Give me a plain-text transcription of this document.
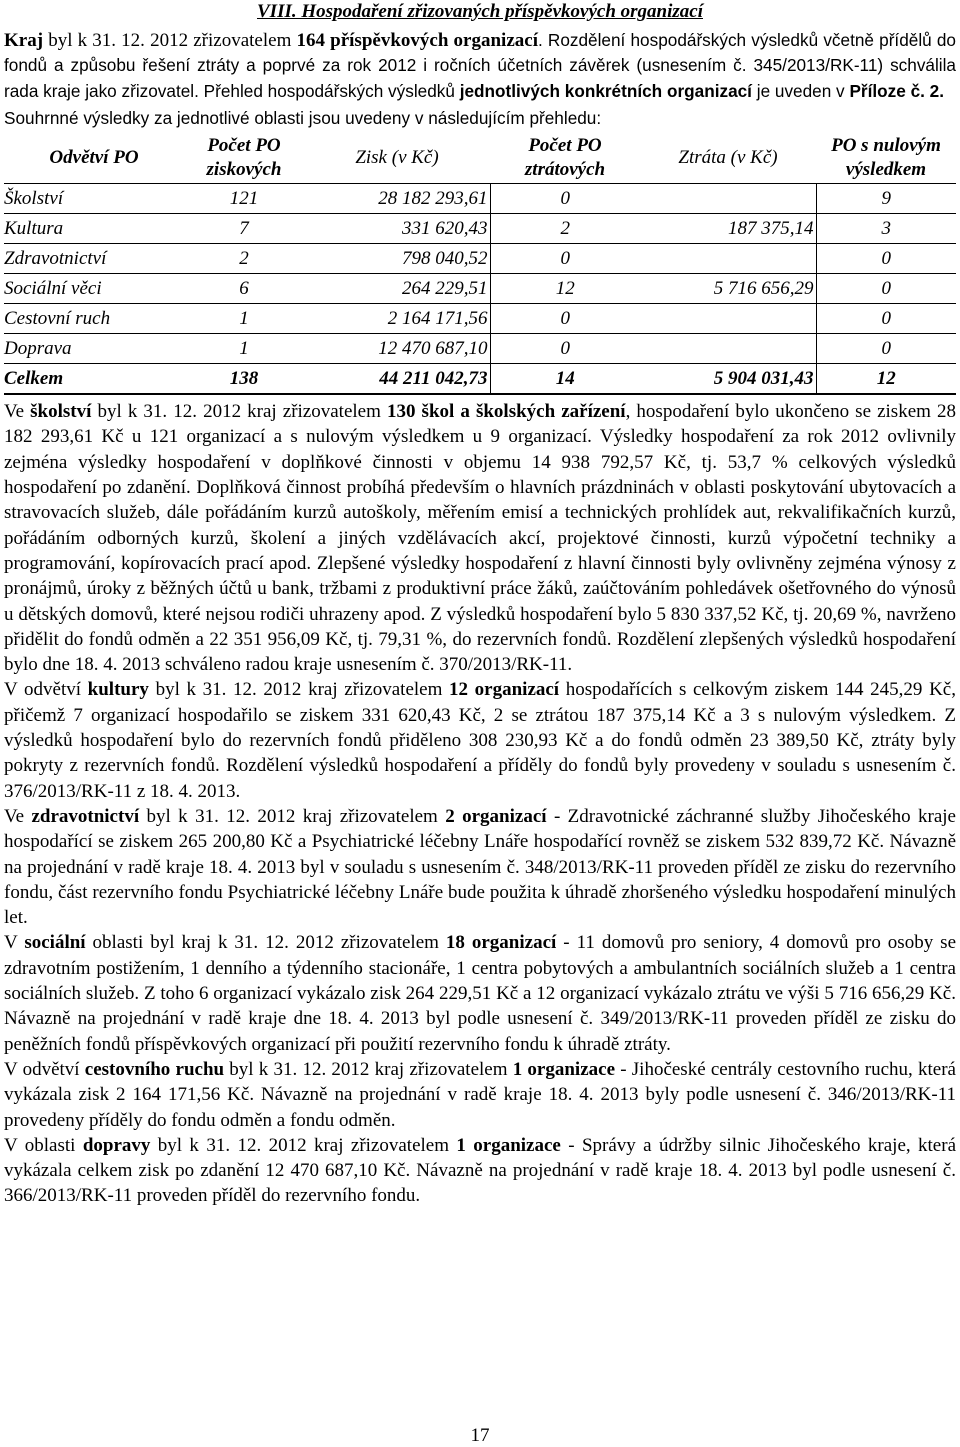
VIII. Hospodaření zřizovaných příspěvkových organizací

Kraj byl k 31. 12. 2012 zřizovatelem 164 příspěvkových organizací. Rozdělení hospodářských výsledků včetně přídělů do fondů a způsobu řešení ztráty a poprvé za rok 2012 i ročních účetních závěrek (usnesením č. 345/2013/RK-11) schválila rada kraje jako zřizovatel. Přehled hospodářských výsledků jednotlivých konkrétních organizací je uveden v Příloze č. 2.

Souhrnné výsledky za jednotlivé oblasti jsou uvedeny v následujícím přehledu:

Odvětví PO	Počet PO ziskových	Zisk (v Kč)	Počet PO ztrátových	Ztráta (v Kč)	PO s nulovým výsledkem
Školství	121	28 182 293,61	0		9
Kultura	7	331 620,43	2	187 375,14	3
Zdravotnictví	2	798 040,52	0		0
Sociální věci	6	264 229,51	12	5 716 656,29	0
Cestovní ruch	1	2 164 171,56	0		0
Doprava	1	12 470 687,10	0		0
Celkem	138	44 211 042,73	14	5 904 031,43	12

Ve školství byl k 31. 12. 2012 kraj zřizovatelem 130 škol a školských zařízení, hospodaření bylo ukončeno se ziskem 28 182 293,61 Kč u 121 organizací a s nulovým výsledkem u 9 organizací. Výsledky hospodaření za rok 2012 ovlivnily zejména výsledky hospodaření v doplňkové činnosti v objemu 14 938 792,57 Kč, tj. 53,7 % celkových výsledků hospodaření po zdanění. Doplňková činnost probíhá především o hlavních prázdninách v oblasti poskytování ubytovacích a stravovacích služeb, dále pořádáním kurzů autoškoly, měřením emisí a technických prohlídek aut, rekvalifikačních kurzů, pořádáním odborných kurzů, školení a jiných vzdělávacích akcí, projektové činnosti, kurzů výpočetní techniky a programování, kopírovacích prací apod. Zlepšené výsledky hospodaření z hlavní činnosti byly ovlivněny zejména výnosy z pronájmů, úroky z běžných účtů u bank, tržbami z produktivní práce žáků, zaúčtováním pohledávek ošetřovného do výnosů u dětských domovů, které nejsou rodiči uhrazeny apod. Z výsledků hospodaření bylo 5 830 337,52 Kč, tj. 20,69 %, navrženo přidělit do fondů odměn a 22 351 956,09 Kč, tj. 79,31 %, do rezervních fondů. Rozdělení zlepšených výsledků hospodaření bylo dne 18. 4. 2013 schváleno radou kraje usnesením č. 370/2013/RK-11.

V odvětví kultury byl k 31. 12. 2012 kraj zřizovatelem 12 organizací hospodařících s celkovým ziskem 144 245,29 Kč, přičemž 7 organizací hospodařilo se ziskem 331 620,43 Kč, 2 se ztrátou 187 375,14 Kč a 3 s nulovým výsledkem. Z výsledků hospodaření bylo do rezervních fondů přiděleno 308 230,93 Kč a do fondů odměn 23 389,50 Kč, ztráty byly pokryty z rezervních fondů. Rozdělení výsledků hospodaření a příděly do fondů byly provedeny v souladu s usnesením č. 376/2013/RK-11 z 18. 4. 2013.

Ve zdravotnictví byl k 31. 12. 2012 kraj zřizovatelem 2 organizací - Zdravotnické záchranné služby Jihočeského kraje hospodařící se ziskem 265 200,80 Kč a Psychiatrické léčebny Lnáře hospodařící rovněž se ziskem 532 839,72 Kč. Návazně na projednání v radě kraje 18. 4. 2013 byl v souladu s usnesením č. 348/2013/RK-11 proveden příděl ze zisku do rezervního fondu, část rezervního fondu Psychiatrické léčebny Lnáře bude použita k úhradě zhoršeného výsledku hospodaření minulých let.

V sociální oblasti byl kraj k 31. 12. 2012 zřizovatelem 18 organizací - 11 domovů pro seniory, 4 domovů pro osoby se zdravotním postižením, 1 denního a týdenního stacionáře, 1 centra pobytových a ambulantních sociálních služeb a 1 centra sociálních služeb. Z toho 6 organizací vykázalo zisk 264 229,51 Kč a 12 organizací vykázalo ztrátu ve výši 5 716 656,29 Kč. Návazně na projednání v radě kraje dne 18. 4. 2013 byl podle usnesení č. 349/2013/RK-11 proveden příděl ze zisku do peněžních fondů příspěvkových organizací při použití rezervního fondu k úhradě ztráty.

V odvětví cestovního ruchu byl k 31. 12. 2012 kraj zřizovatelem 1 organizace - Jihočeské centrály cestovního ruchu, která vykázala zisk 2 164 171,56 Kč. Návazně na projednání v radě kraje 18. 4. 2013 byly podle usnesení č. 346/2013/RK-11 provedeny příděly do fondu odměn a fondu odměn.

V oblasti dopravy byl k 31. 12. 2012 kraj zřizovatelem 1 organizace - Správy a údržby silnic Jihočeského kraje, která vykázala celkem zisk po zdanění 12 470 687,10 Kč. Návazně na projednání v radě kraje 18. 4. 2013 byl podle usnesení č. 366/2013/RK-11 proveden příděl do rezervního fondu.

17
